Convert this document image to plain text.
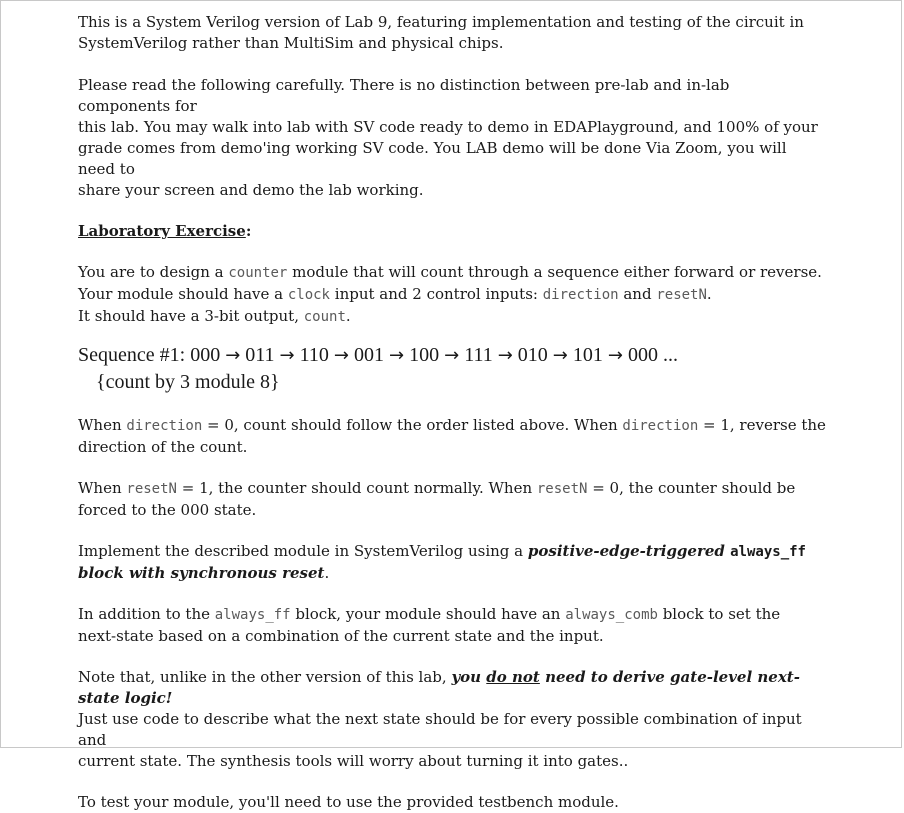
This is a System Verilog version of Lab 9, featuring implementation and testing of the circuit in
SystemVerilog rather than MultiSim and physical chips.

Please read the following carefully. There is no distinction between pre-lab and in-lab components for
this lab. You may walk into lab with SV code ready to demo in EDAPlayground, and 100% of your
grade comes from demo'ing working SV code. You LAB demo will be done Via Zoom, you will need to
share your screen and demo the lab working.

Laboratory Exercise:

You are to design a counter module that will count through a sequence either forward or reverse.
Your module should have a clock input and 2 control inputs: direction and resetN.
It should have a 3-bit output, count.

Sequence #1: 000 → 011 → 110 → 001 → 100 → 111 → 010 → 101 → 000 ...
{count by 3 module 8}

When direction = 0, count should follow the order listed above. When direction = 1, reverse the
direction of the count.

When resetN = 1, the counter should count normally. When resetN = 0, the counter should be
forced to the 000 state.

Implement the described module in SystemVerilog using a positive-edge-triggered always_ff
block with synchronous reset.

In addition to the always_ff block, your module should have an always_comb block to set the
next-state based on a combination of the current state and the input.

Note that, unlike in the other version of this lab, you do not need to derive gate-level next-state logic!
Just use code to describe what the next state should be for every possible combination of input and
current state. The synthesis tools will worry about turning it into gates..

To test your module, you'll need to use the provided testbench module.
